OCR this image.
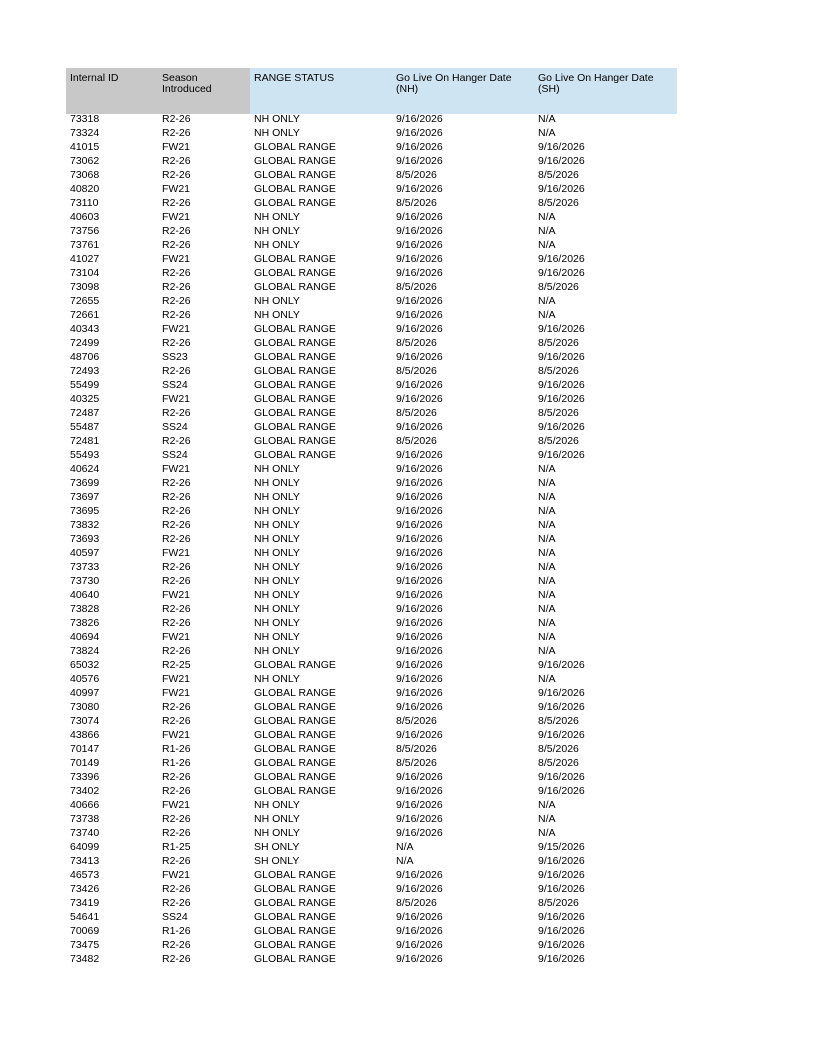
Internal ID	Season Introduced	RANGE STATUS	Go Live On Hanger Date (NH)	Go Live On Hanger Date (SH)
73318	R2-26	NH ONLY	9/16/2026	N/A
73324	R2-26	NH ONLY	9/16/2026	N/A
41015	FW21	GLOBAL RANGE	9/16/2026	9/16/2026
73062	R2-26	GLOBAL RANGE	9/16/2026	9/16/2026
73068	R2-26	GLOBAL RANGE	8/5/2026	8/5/2026
40820	FW21	GLOBAL RANGE	9/16/2026	9/16/2026
73110	R2-26	GLOBAL RANGE	8/5/2026	8/5/2026
40603	FW21	NH ONLY	9/16/2026	N/A
73756	R2-26	NH ONLY	9/16/2026	N/A
73761	R2-26	NH ONLY	9/16/2026	N/A
41027	FW21	GLOBAL RANGE	9/16/2026	9/16/2026
73104	R2-26	GLOBAL RANGE	9/16/2026	9/16/2026
73098	R2-26	GLOBAL RANGE	8/5/2026	8/5/2026
72655	R2-26	NH ONLY	9/16/2026	N/A
72661	R2-26	NH ONLY	9/16/2026	N/A
40343	FW21	GLOBAL RANGE	9/16/2026	9/16/2026
72499	R2-26	GLOBAL RANGE	8/5/2026	8/5/2026
48706	SS23	GLOBAL RANGE	9/16/2026	9/16/2026
72493	R2-26	GLOBAL RANGE	8/5/2026	8/5/2026
55499	SS24	GLOBAL RANGE	9/16/2026	9/16/2026
40325	FW21	GLOBAL RANGE	9/16/2026	9/16/2026
72487	R2-26	GLOBAL RANGE	8/5/2026	8/5/2026
55487	SS24	GLOBAL RANGE	9/16/2026	9/16/2026
72481	R2-26	GLOBAL RANGE	8/5/2026	8/5/2026
55493	SS24	GLOBAL RANGE	9/16/2026	9/16/2026
40624	FW21	NH ONLY	9/16/2026	N/A
73699	R2-26	NH ONLY	9/16/2026	N/A
73697	R2-26	NH ONLY	9/16/2026	N/A
73695	R2-26	NH ONLY	9/16/2026	N/A
73832	R2-26	NH ONLY	9/16/2026	N/A
73693	R2-26	NH ONLY	9/16/2026	N/A
40597	FW21	NH ONLY	9/16/2026	N/A
73733	R2-26	NH ONLY	9/16/2026	N/A
73730	R2-26	NH ONLY	9/16/2026	N/A
40640	FW21	NH ONLY	9/16/2026	N/A
73828	R2-26	NH ONLY	9/16/2026	N/A
73826	R2-26	NH ONLY	9/16/2026	N/A
40694	FW21	NH ONLY	9/16/2026	N/A
73824	R2-26	NH ONLY	9/16/2026	N/A
65032	R2-25	GLOBAL RANGE	9/16/2026	9/16/2026
40576	FW21	NH ONLY	9/16/2026	N/A
40997	FW21	GLOBAL RANGE	9/16/2026	9/16/2026
73080	R2-26	GLOBAL RANGE	9/16/2026	9/16/2026
73074	R2-26	GLOBAL RANGE	8/5/2026	8/5/2026
43866	FW21	GLOBAL RANGE	9/16/2026	9/16/2026
70147	R1-26	GLOBAL RANGE	8/5/2026	8/5/2026
70149	R1-26	GLOBAL RANGE	8/5/2026	8/5/2026
73396	R2-26	GLOBAL RANGE	9/16/2026	9/16/2026
73402	R2-26	GLOBAL RANGE	9/16/2026	9/16/2026
40666	FW21	NH ONLY	9/16/2026	N/A
73738	R2-26	NH ONLY	9/16/2026	N/A
73740	R2-26	NH ONLY	9/16/2026	N/A
64099	R1-25	SH ONLY	N/A	9/15/2026
73413	R2-26	SH ONLY	N/A	9/16/2026
46573	FW21	GLOBAL RANGE	9/16/2026	9/16/2026
73426	R2-26	GLOBAL RANGE	9/16/2026	9/16/2026
73419	R2-26	GLOBAL RANGE	8/5/2026	8/5/2026
54641	SS24	GLOBAL RANGE	9/16/2026	9/16/2026
70069	R1-26	GLOBAL RANGE	9/16/2026	9/16/2026
73475	R2-26	GLOBAL RANGE	9/16/2026	9/16/2026
73482	R2-26	GLOBAL RANGE	9/16/2026	9/16/2026
